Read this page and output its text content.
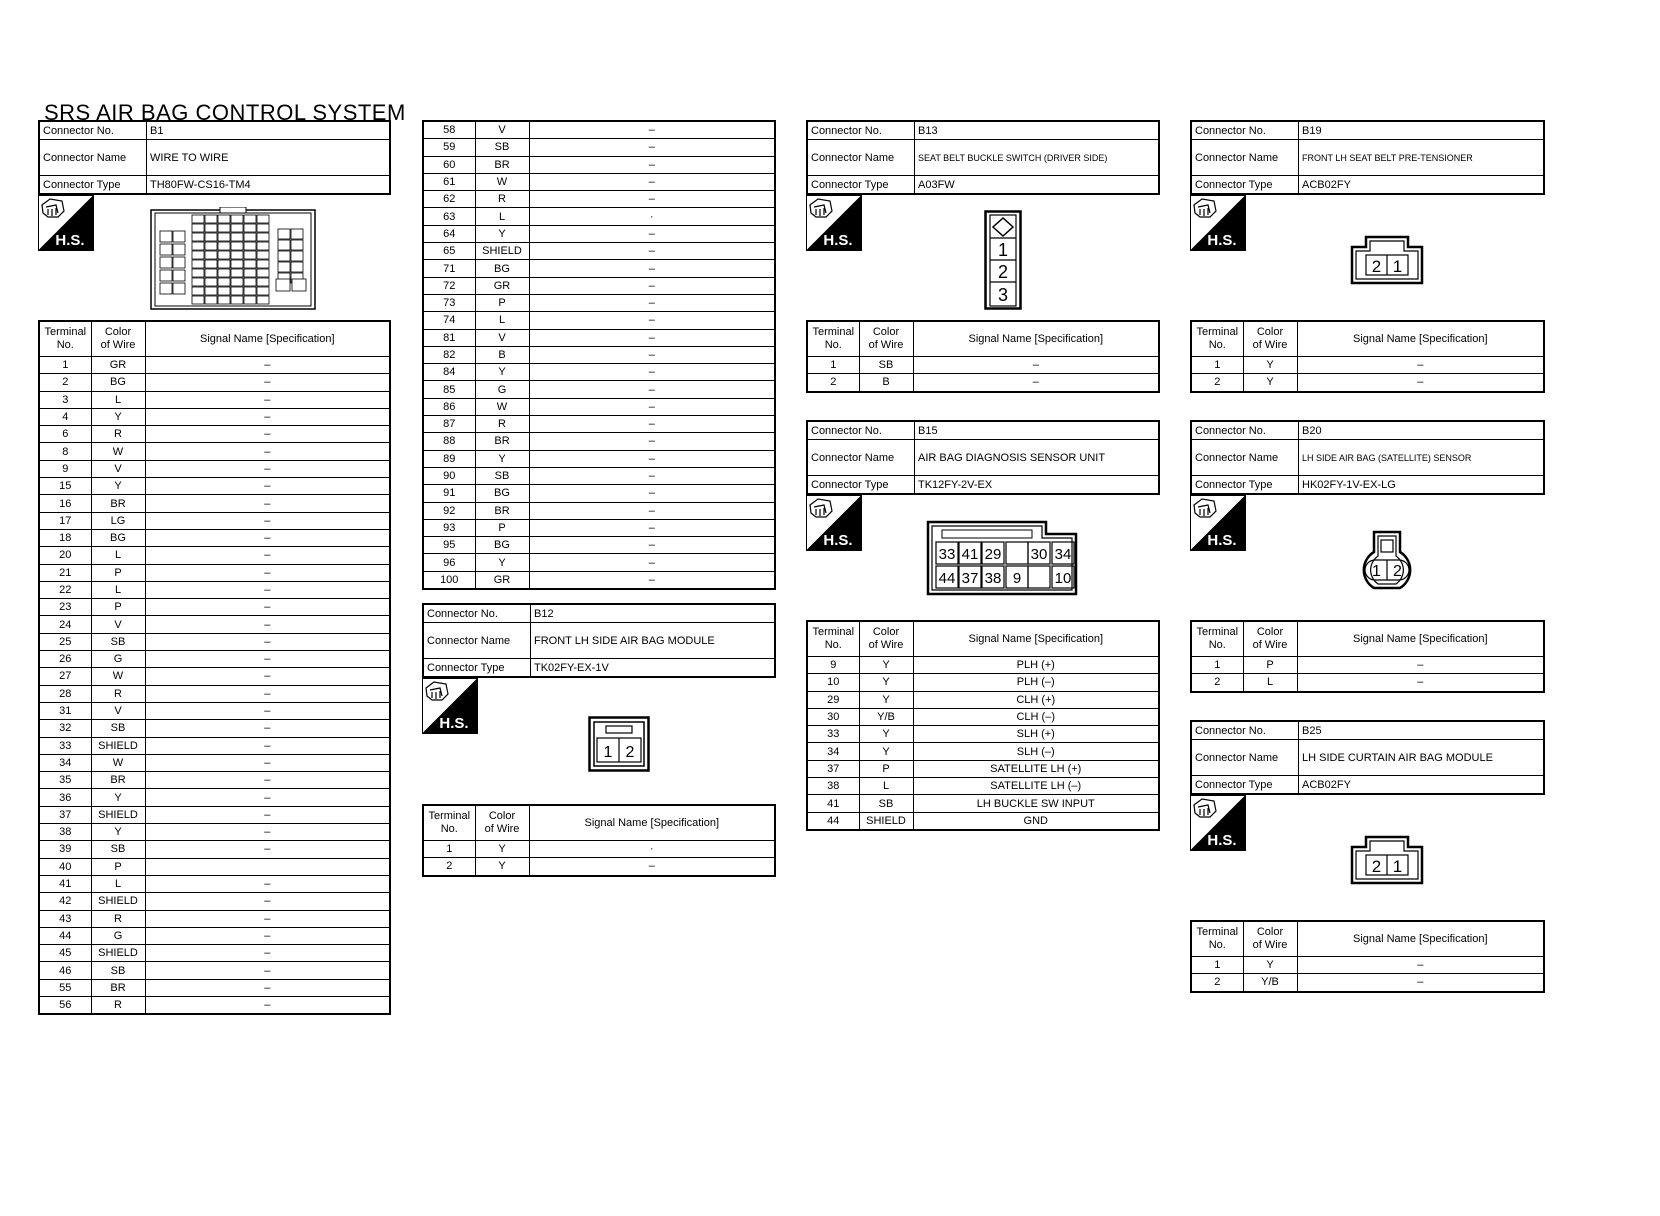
SRS AIR BAG CONTROL SYSTEM
Connector No.	B1
Connector Name	WIRE TO WIRE
Connector Type	TH80FW-CS16-TM4
Connector No.	B12
Connector Name	FRONT LH SIDE AIR BAG MODULE
Connector Type	TK02FY-EX-1V
Connector No.	B13
Connector Name	SEAT BELT BUCKLE SWITCH (DRIVER SIDE)
Connector Type	A03FW
Connector No.	B15
Connector Name	AIR BAG DIAGNOSIS SENSOR UNIT
Connector Type	TK12FY-2V-EX
Connector No.	B19
Connector Name	FRONT LH SEAT BELT PRE-TENSIONER
Connector Type	ACB02FY
Connector No.	B20
Connector Name	LH SIDE AIR BAG (SATELLITE) SENSOR
Connector Type	HK02FY-1V-EX-LG
Connector No.	B25
Connector Name	LH SIDE CURTAIN AIR BAG MODULE
Connector Type	ACB02FY
H.S.
H.S.
H.S.
H.S.
H.S.
H.S.
H.S.
1 2
1
2
3
33 41 29 30 34
44 37 38 9 10
2 1
1 2
2 1
Terminal
No.	Color
of Wire	Signal Name [Specification]
1	GR	–
2	BG	–
3	L	–
4	Y	–
6	R	–
8	W	–
9	V	–
15	Y	–
16	BR	–
17	LG	–
18	BG	–
20	L	–
21	P	–
22	L	–
23	P	–
24	V	–
25	SB	–
26	G	–
27	W	–
28	R	–
31	V	–
32	SB	–
33	SHIELD	–
34	W	–
35	BR	–
36	Y	–
37	SHIELD	–
38	Y	–
39	SB	–
40	P	
41	L	–
42	SHIELD	–
43	R	–
44	G	–
45	SHIELD	–
46	SB	–
55	BR	–
56	R	–
58	V	–
59	SB	–
60	BR	–
61	W	–
62	R	–
63	L	·
64	Y	–
65	SHIELD	–
71	BG	–
72	GR	–
73	P	–
74	L	–
81	V	–
82	B	–
84	Y	–
85	G	–
86	W	–
87	R	–
88	BR	–
89	Y	–
90	SB	–
91	BG	–
92	BR	–
93	P	–
95	BG	–
96	Y	–
100	GR	–
Terminal
No.	Color
of Wire	Signal Name [Specification]
1	Y	·
2	Y	–
Terminal
No.	Color
of Wire	Signal Name [Specification]
1	SB	–
2	B	–
Terminal
No.	Color
of Wire	Signal Name [Specification]
9	Y	PLH (+)
10	Y	PLH (–)
29	Y	CLH (+)
30	Y/B	CLH (–)
33	Y	SLH (+)
34	Y	SLH (–)
37	P	SATELLITE LH (+)
38	L	SATELLITE LH (–)
41	SB	LH BUCKLE SW INPUT
44	SHIELD	GND
Terminal
No.	Color
of Wire	Signal Name [Specification]
1	Y	–
2	Y	–
Terminal
No.	Color
of Wire	Signal Name [Specification]
1	P	–
2	L	–
Terminal
No.	Color
of Wire	Signal Name [Specification]
1	Y	–
2	Y/B	–
